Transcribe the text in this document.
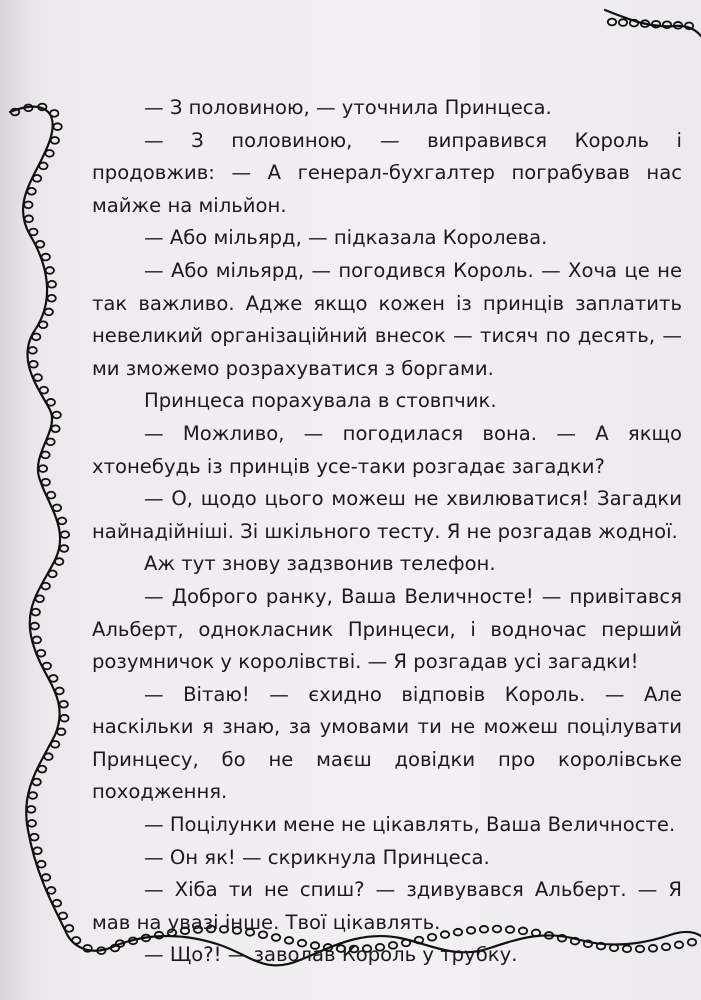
— З половиною, — уточнила Принцеса.

— З половиною, — виправився Король і продовжив: — А генерал-бухгалтер пограбував нас майже на мільйон.

— Або мільярд, — підказала Королева.

— Або мільярд, — погодився Король. — Хоча це не так важливо. Адже якщо кожен із принців заплатить невеликий організаційний внесок — тисяч по десять, — ми зможемо розрахуватися з боргами.

Принцеса порахувала в стовпчик.

— Можливо, — погодилася вона. — А якщо хтонебудь із принців усе-таки розгадає загадки?

— О, щодо цього можеш не хвилюватися! Загадки найнадійніші. Зі шкільного тесту. Я не розгадав жодної.

Аж тут знову задзвонив телефон.

— Доброго ранку, Ваша Величносте! — привітався Альберт, однокласник Принцеси, і водночас перший розумничок у королівстві. — Я розгадав усі загадки!

— Вітаю! — єхидно відповів Король. — Але наскільки я знаю, за умовами ти не можеш поцілувати Принцесу, бо не маєш довідки про королівське походження.

— Поцілунки мене не цікавлять, Ваша Величносте.

— Он як! — скрикнула Принцеса.

— Хіба ти не спиш? — здивувався Альберт. — Я мав на увазі інше. Твої цікавлять.

— Що?! — заволав Король у трубку.
